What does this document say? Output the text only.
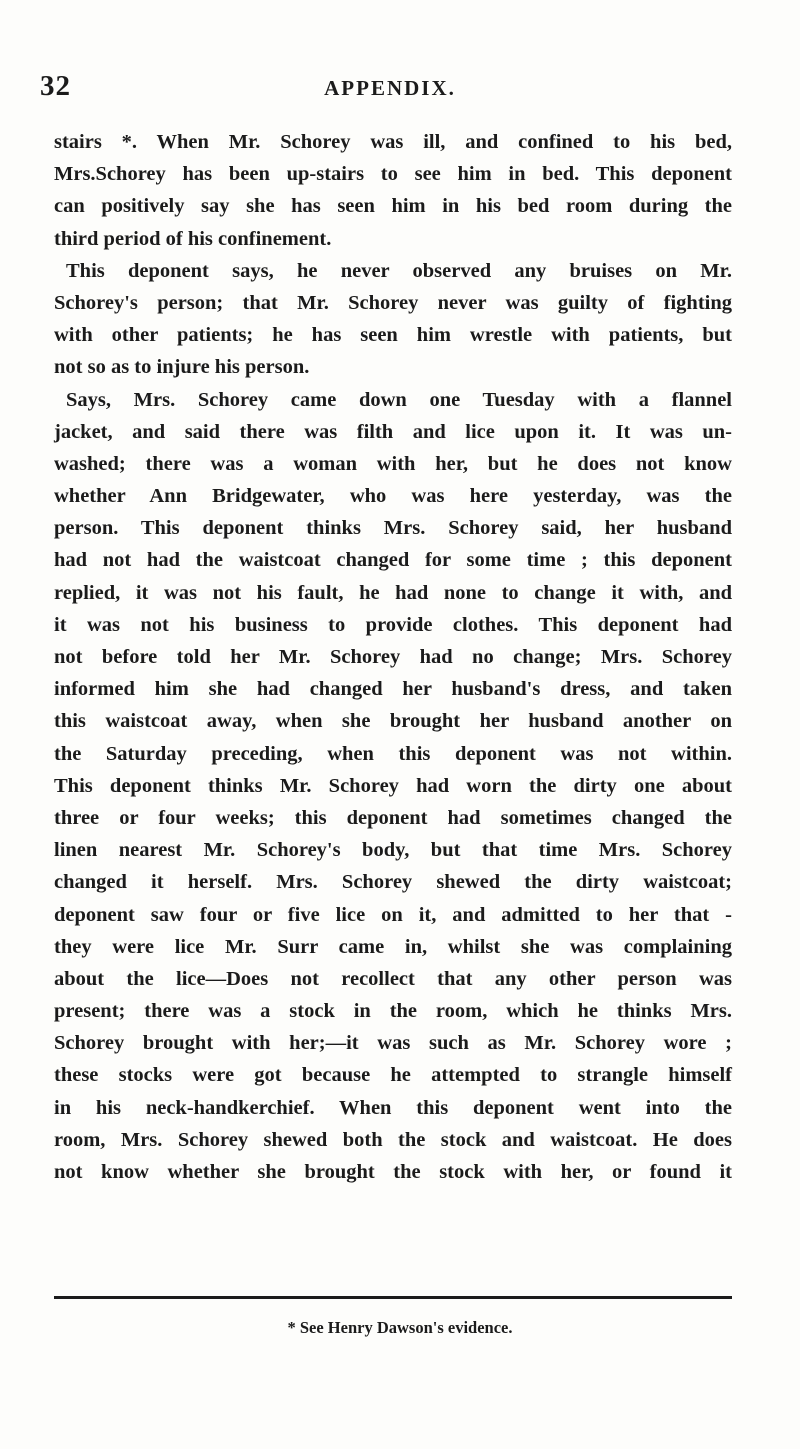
32	APPENDIX.
stairs *. When Mr. Schorey was ill, and confined to his bed,
Mrs.Schorey has been up-stairs to see him in bed. This deponent
can positively say she has seen him in his bed room during the
third period of his confinement.
This deponent says, he never observed any bruises on Mr.
Schorey's person; that Mr. Schorey never was guilty of fighting
with other patients; he has seen him wrestle with patients, but
not so as to injure his person.
Says, Mrs. Schorey came down one Tuesday with a flannel
jacket, and said there was filth and lice upon it. It was un-
washed; there was a woman with her, but he does not know
whether Ann Bridgewater, who was here yesterday, was the
person. This deponent thinks Mrs. Schorey said, her husband
had not had the waistcoat changed for some time ; this deponent
replied, it was not his fault, he had none to change it with, and
it was not his business to provide clothes. This deponent had
not before told her Mr. Schorey had no change; Mrs. Schorey
informed him she had changed her husband's dress, and taken
this waistcoat away, when she brought her husband another on
the Saturday preceding, when this deponent was not within.
This deponent thinks Mr. Schorey had worn the dirty one about
three or four weeks; this deponent had sometimes changed the
linen nearest Mr. Schorey's body, but that time Mrs. Schorey
changed it herself. Mrs. Schorey shewed the dirty waistcoat;
deponent saw four or five lice on it, and admitted to her that -
they were lice Mr. Surr came in, whilst she was complaining
about the lice—Does not recollect that any other person was
present; there was a stock in the room, which he thinks Mrs.
Schorey brought with her;—it was such as Mr. Schorey wore ;
these stocks were got because he attempted to strangle himself
in his neck-handkerchief. When this deponent went into the
room, Mrs. Schorey shewed both the stock and waistcoat. He does
not know whether she brought the stock with her, or found it
* See Henry Dawson's evidence.
